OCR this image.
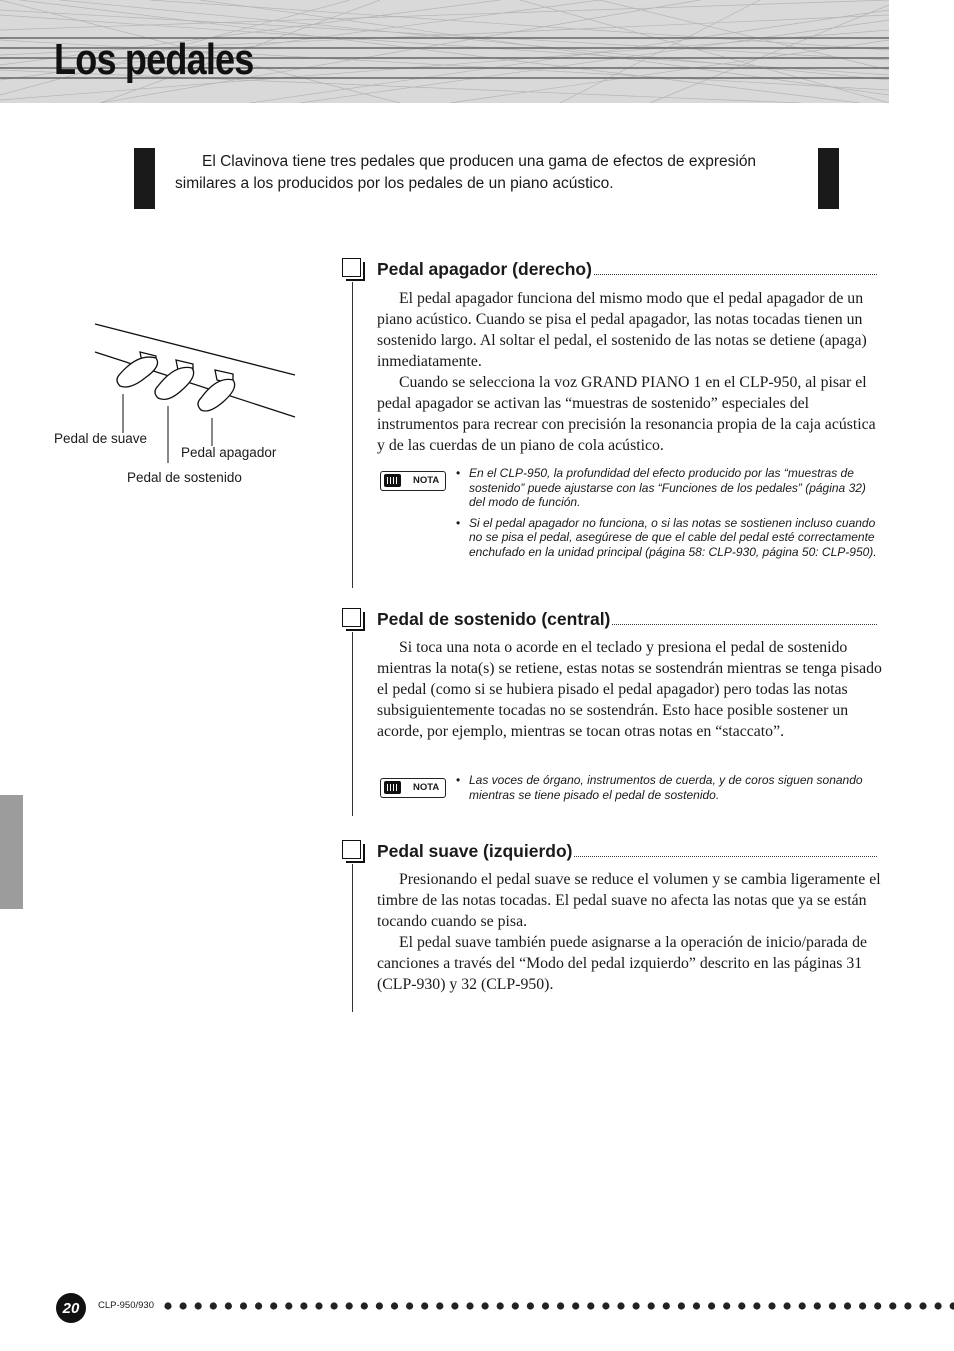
Los pedales

El Clavinova tiene tres pedales que producen una gama de efectos de expresión similares a los producidos por los pedales de un piano acústico.

Pedal de suave
Pedal apagador
Pedal de sostenido
Pedal apagador (derecho)

El pedal apagador funciona del mismo modo que el pedal apagador de un piano acústico. Cuando se pisa el pedal apagador, las notas tocadas tienen un sostenido largo. Al soltar el pedal, el sostenido de las notas se detiene (apaga) inmediatamente.

Cuando se selecciona la voz GRAND PIANO 1 en el CLP-950, al pisar el pedal apagador se activan las “muestras de sostenido” especiales del instrumentos para recrear con precisión la resonancia propia de la caja acústica y de las cuerdas de un piano de cola acústico.

NOTA
• En el CLP-950, la profundidad del efecto producido por las “muestras de sostenido” puede ajustarse con las “Funciones de los pedales” (página 32) del modo de función.
• Si el pedal apagador no funciona, o si las notas se sostienen incluso cuando no se pisa el pedal, asegúrese de que el cable del pedal esté correctamente enchufado en la unidad principal (página 58: CLP-930, página 50: CLP-950).
Pedal de sostenido (central)

Si toca una nota o acorde en el teclado y presiona el pedal de sostenido mientras la nota(s) se retiene, estas notas se sostendrán mientras se tenga pisado el pedal (como si se hubiera pisado el pedal apagador) pero todas las notas subsiguientemente tocadas no se sostendrán. Esto hace posible sostener un acorde, por ejemplo, mientras se tocan otras notas en “staccato”.

NOTA
• Las voces de órgano, instrumentos de cuerda, y de coros siguen sonando mientras se tiene pisado el pedal de sostenido.
Pedal suave (izquierdo)

Presionando el pedal suave se reduce el volumen y se cambia ligeramente el timbre de las notas tocadas. El pedal suave no afecta las notas que ya se están tocando cuando se pisa.

El pedal suave también puede asignarse a la operación de inicio/parada de canciones a través del “Modo del pedal izquierdo” descrito en las páginas 31 (CLP-930) y 32 (CLP-950).

20	CLP-950/930
